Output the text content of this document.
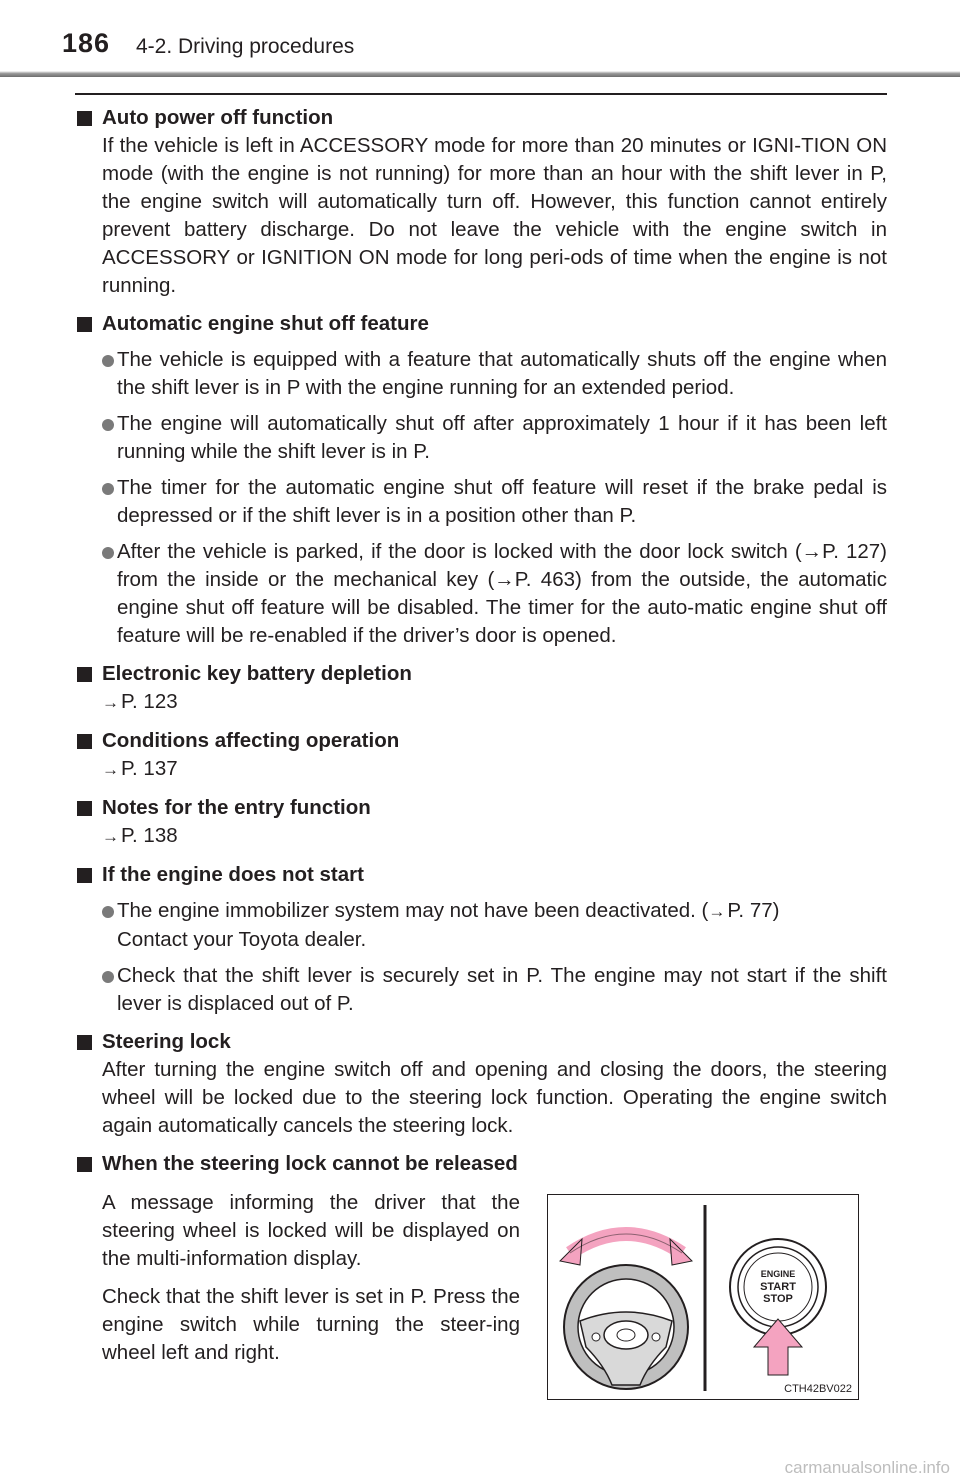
186 4-2. Driving procedures
Auto power off function

If the vehicle is left in ACCESSORY mode for more than 20 minutes or IGNI-TION ON mode (with the engine is not running) for more than an hour with the shift lever in P, the engine switch will automatically turn off. However, this function cannot entirely prevent battery discharge. Do not leave the vehicle with the engine switch in ACCESSORY or IGNITION ON mode for long peri-ods of time when the engine is not running.

Automatic engine shut off feature
The vehicle is equipped with a feature that automatically shuts off the engine when the shift lever is in P with the engine running for an extended period.
The engine will automatically shut off after approximately 1 hour if it has been left running while the shift lever is in P.
The timer for the automatic engine shut off feature will reset if the brake pedal is depressed or if the shift lever is in a position other than P.
After the vehicle is parked, if the door is locked with the door lock switch (→P. 127) from the inside or the mechanical key (→P. 463) from the outside, the automatic engine shut off feature will be disabled. The timer for the auto-matic engine shut off feature will be re-enabled if the driver’s door is opened.
Electronic key battery depletion
→P. 123
Conditions affecting operation
→P. 137
Notes for the entry function
→P. 138
If the engine does not start
The engine immobilizer system may not have been deactivated. (→P. 77)
Contact your Toyota dealer.
Check that the shift lever is securely set in P. The engine may not start if the shift lever is displaced out of P.
Steering lock

After turning the engine switch off and opening and closing the doors, the steering wheel will be locked due to the steering lock function. Operating the engine switch again automatically cancels the steering lock.

When the steering lock cannot be released

A message informing the driver that the steering wheel is locked will be displayed on the multi-information display.

Check that the shift lever is set in P. Press the engine switch while turning the steer-ing wheel left and right.

ENGINE
START
STOP
CTH42BV022
carmanualsonline.info
